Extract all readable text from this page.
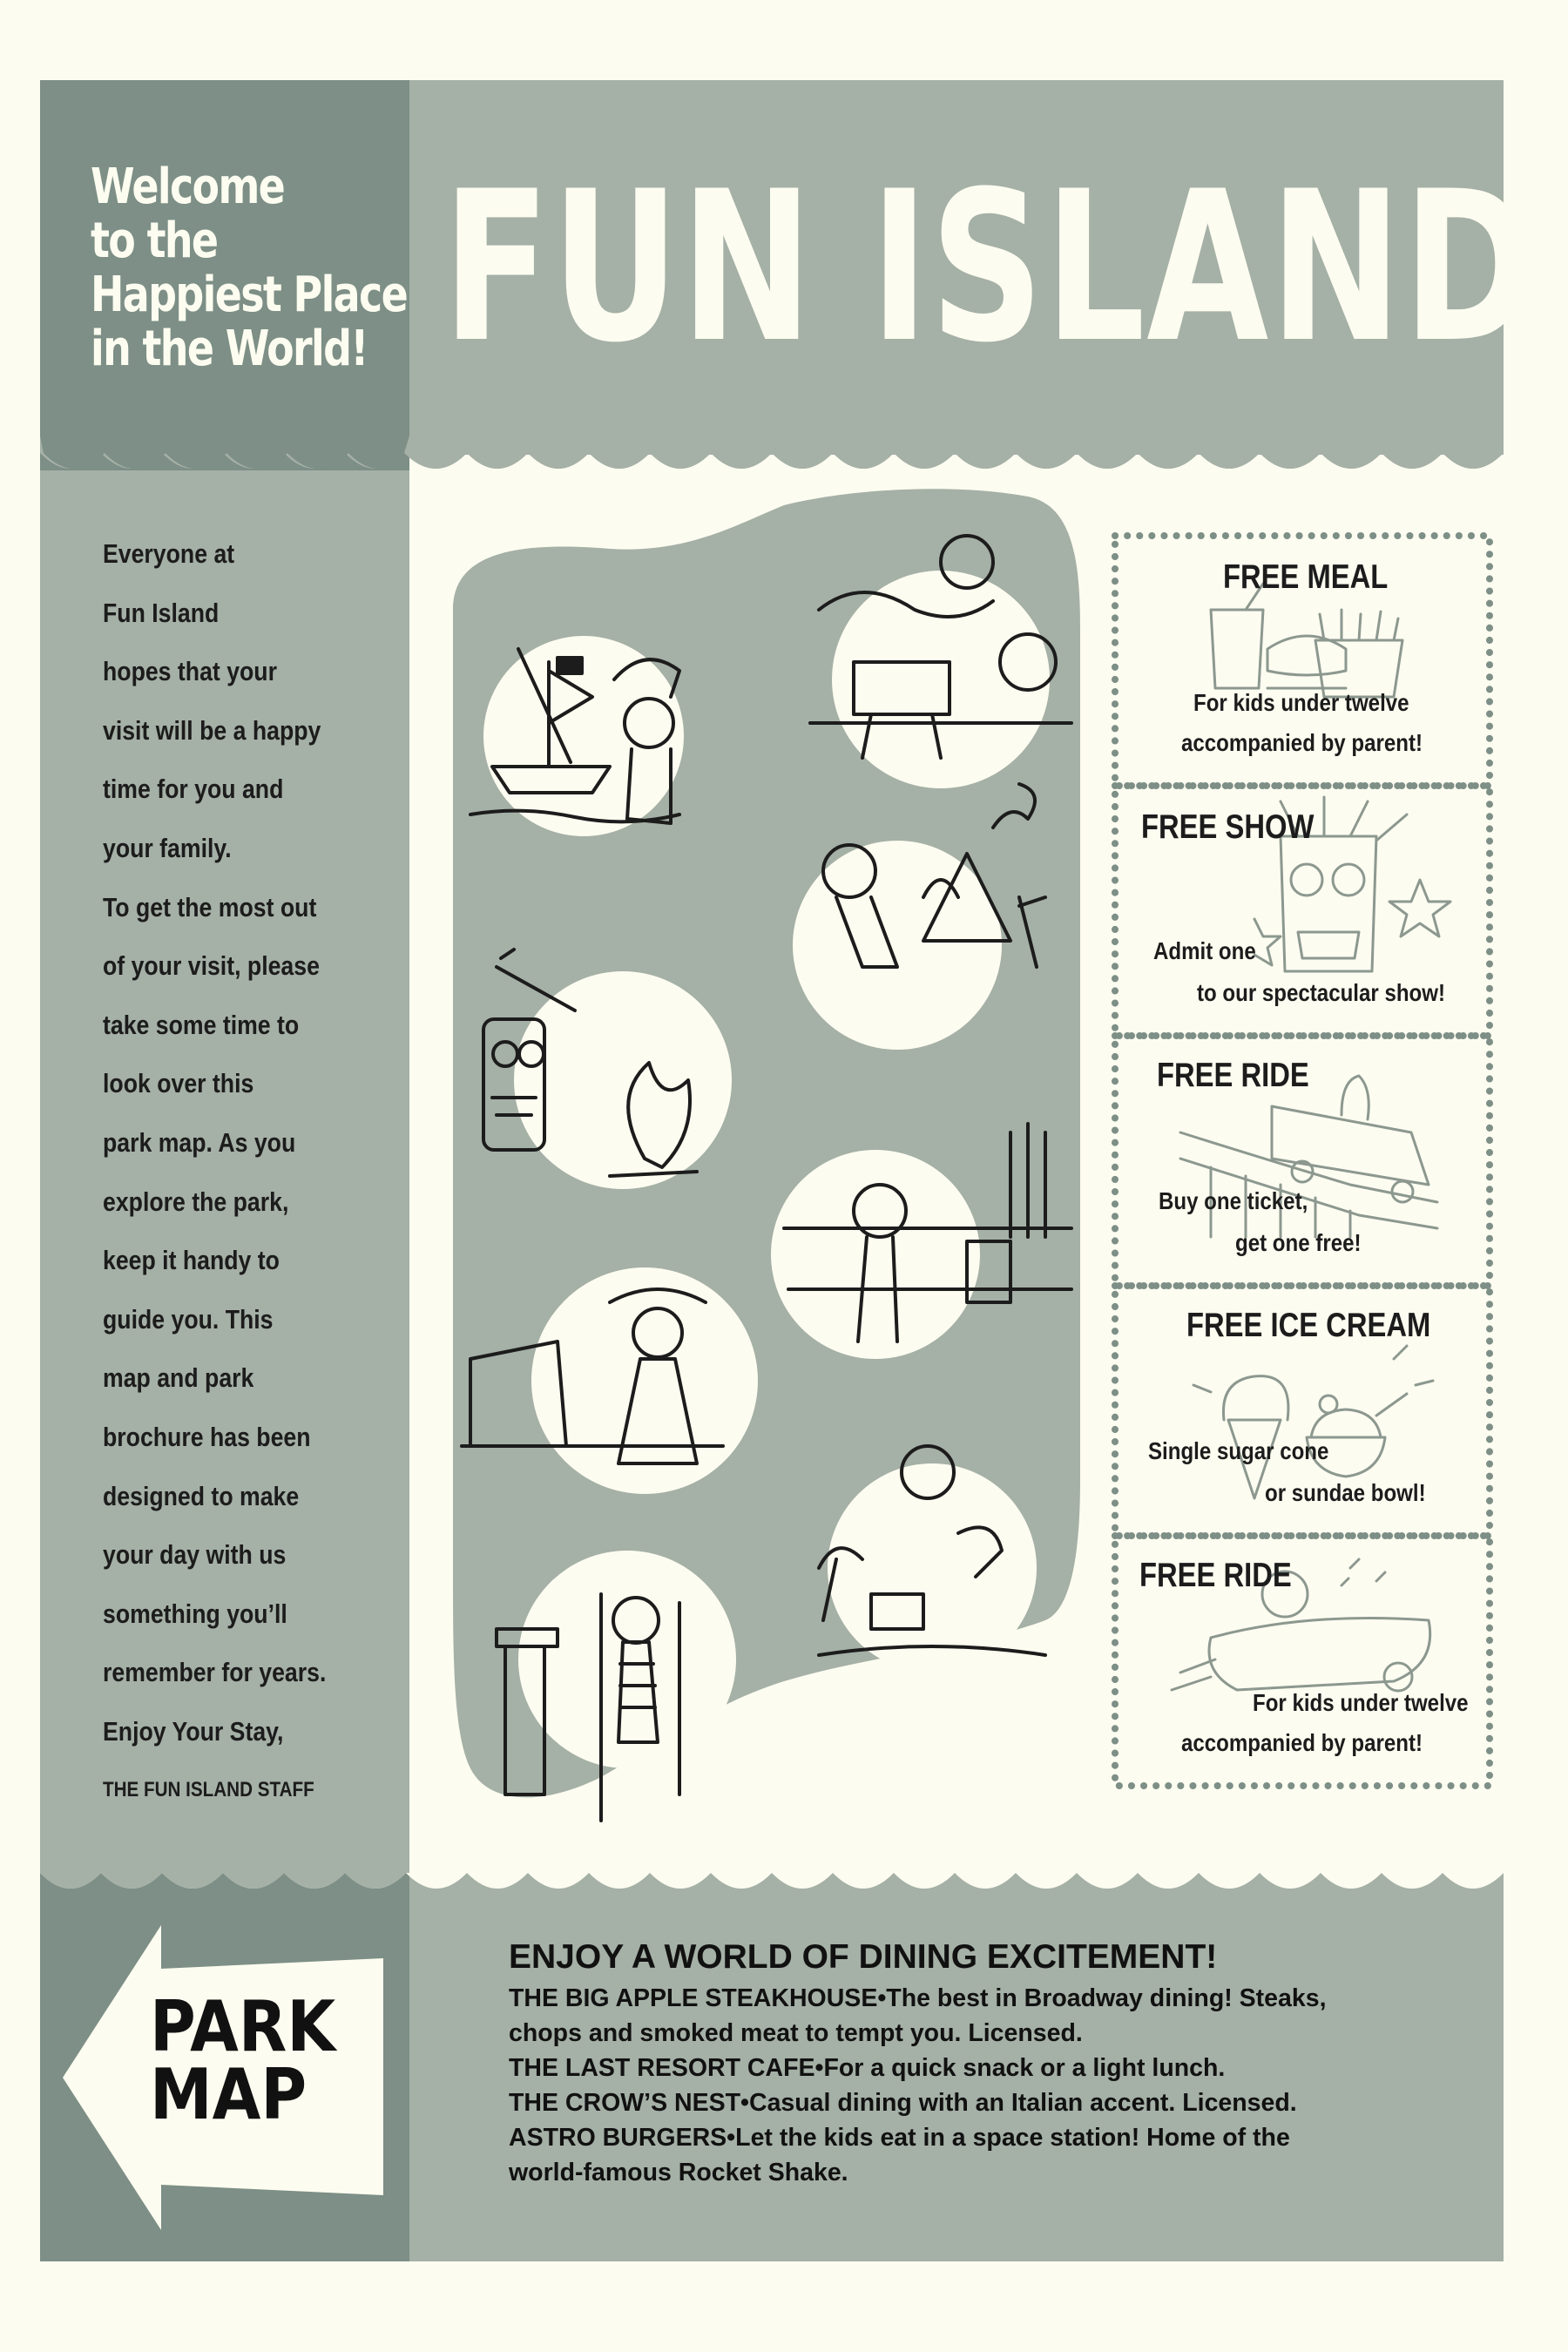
Welcome
to the
Happiest Place
in the World! FUN ISLAND
Everyone at
Fun Island
hopes that your
visit will be a happy
time for you and
your family.
To get the most out
of your visit, please
take some time to
look over this
park map. As you
explore the park,
keep it handy to
guide you. This
map and park
brochure has been
designed to make
your day with us
something you’ll
remember for years.
Enjoy Your Stay,
THE FUN ISLAND STAFF
FREE MEAL
For kids under twelve
accompanied by parent!
FREE SHOW
Admit one
to our spectacular show!
FREE RIDE
Buy one ticket,
get one free!
FREE ICE CREAM
Single sugar cone
or sundae bowl!
FREE RIDE
For kids under twelve
accompanied by parent!
PARK
MAP
ENJOY A WORLD OF DINING EXCITEMENT!
THE BIG APPLE STEAKHOUSE•The best in Broadway dining! Steaks,
chops and smoked meat to tempt you. Licensed.
THE LAST RESORT CAFE•For a quick snack or a light lunch.
THE CROW’S NEST•Casual dining with an Italian accent. Licensed.
ASTRO BURGERS•Let the kids eat in a space station! Home of the
world-famous Rocket Shake.
